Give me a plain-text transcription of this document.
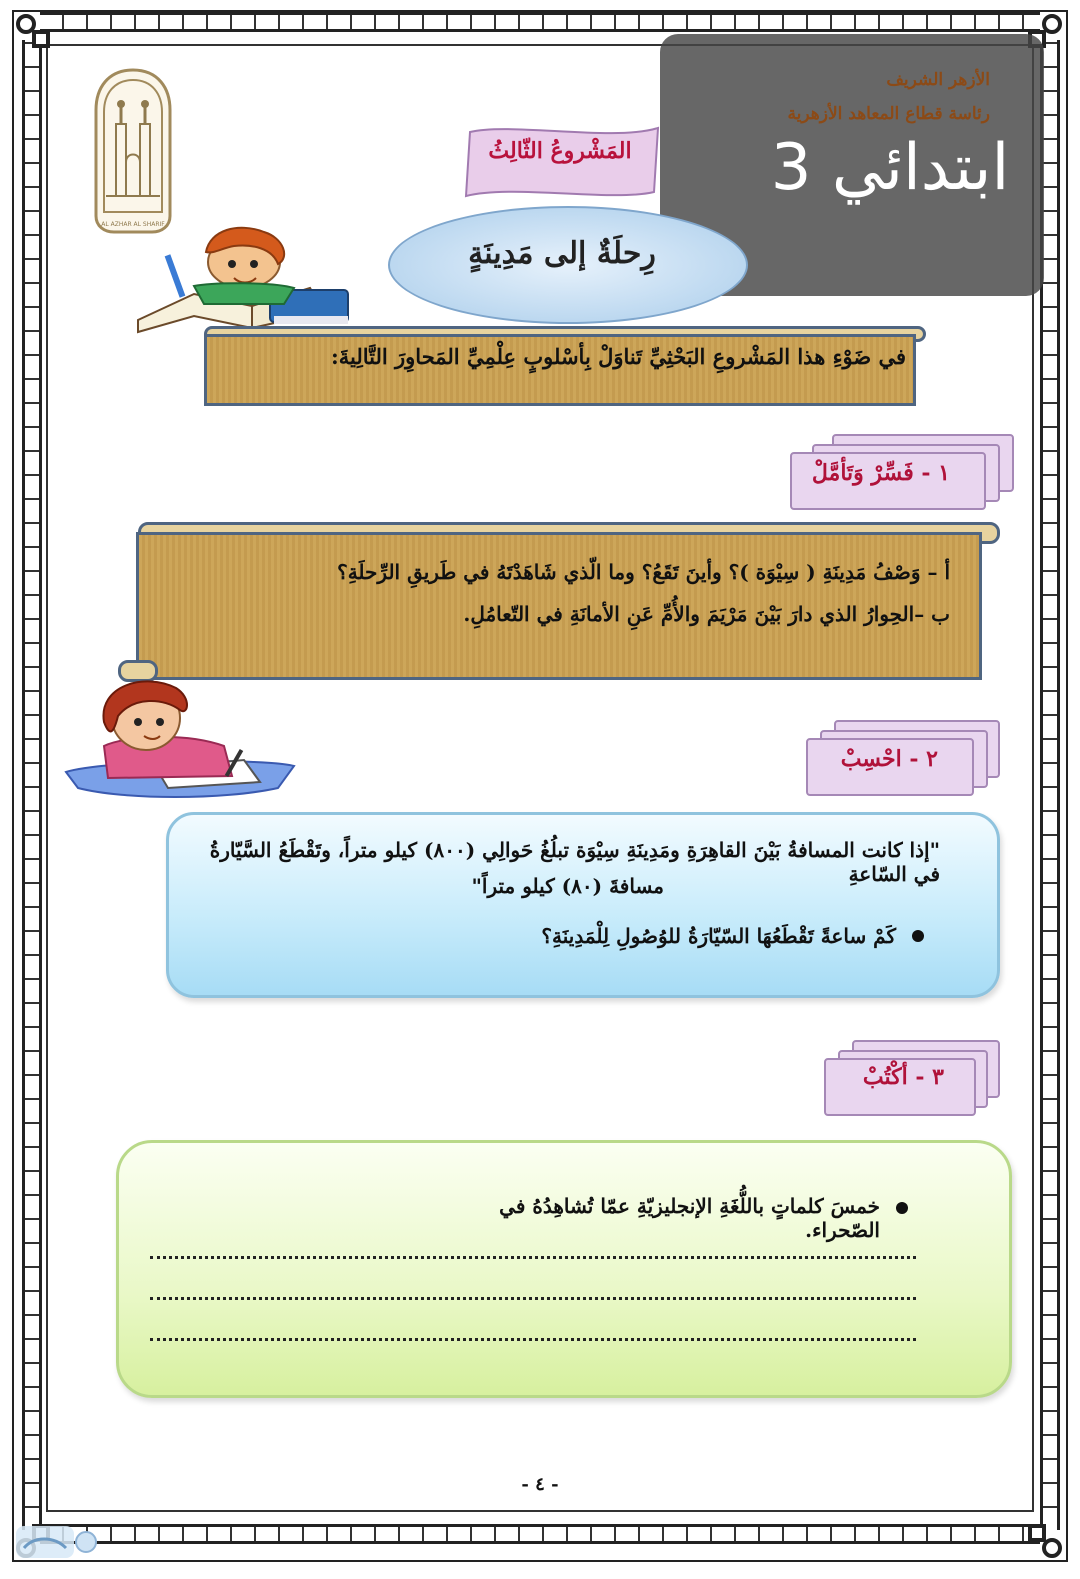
AL AZHAR AL SHARIF
الأزهر الشريف
رئاسة قطاع المعاهد الأزهرية
3 ابتدائي
المَشْروعُ الثّالِثُ
رِحلَةٌ إلى مَدِينَةٍ
في ضَوْءِ هذا المَشْروعِ البَحْثِيِّ تَناوَلْ بِأسْلوبٍ عِلْمِيِّ المَحاوِرَ التَّالِيةَ:
١ - فَسِّرْ وَتَأمَّلْ
أ – وَصْفُ مَدِينَةِ ( سِيْوَة )؟ وأينَ تَقَعُ؟ وما الّذي شَاهَدْتَهُ في طَريقِ الرِّحلَةِ؟
ب –الحِوارُ الذي دارَ بَيْنَ مَرْيَمَ والأُمِّ عَنِ الأمانَةِ في التّعامُلِ.
٢ - احْسِبْ
"إذا كانت المسافةُ بَيْنَ القاهِرَةِ ومَدِينَةِ سِيْوَة تبلُغُ حَوالِي (٨٠٠) كيلو متراً، وتَقْطَعُ السَّيّارةُ في السّاعةِ
مسافةَ (٨٠) كيلو متراً"
كَمْ ساعةً تَقْطَعُهَا السّيّارَةُ للوُصُولِ لِلْمَدِينَةِ؟
٣ - أكْتُبْ
خمسَ كلماتٍ باللُّغَةِ الإنجليزيّةِ عمّا تُشاهِدُهُ في الصّحراء.
- ٤ -
